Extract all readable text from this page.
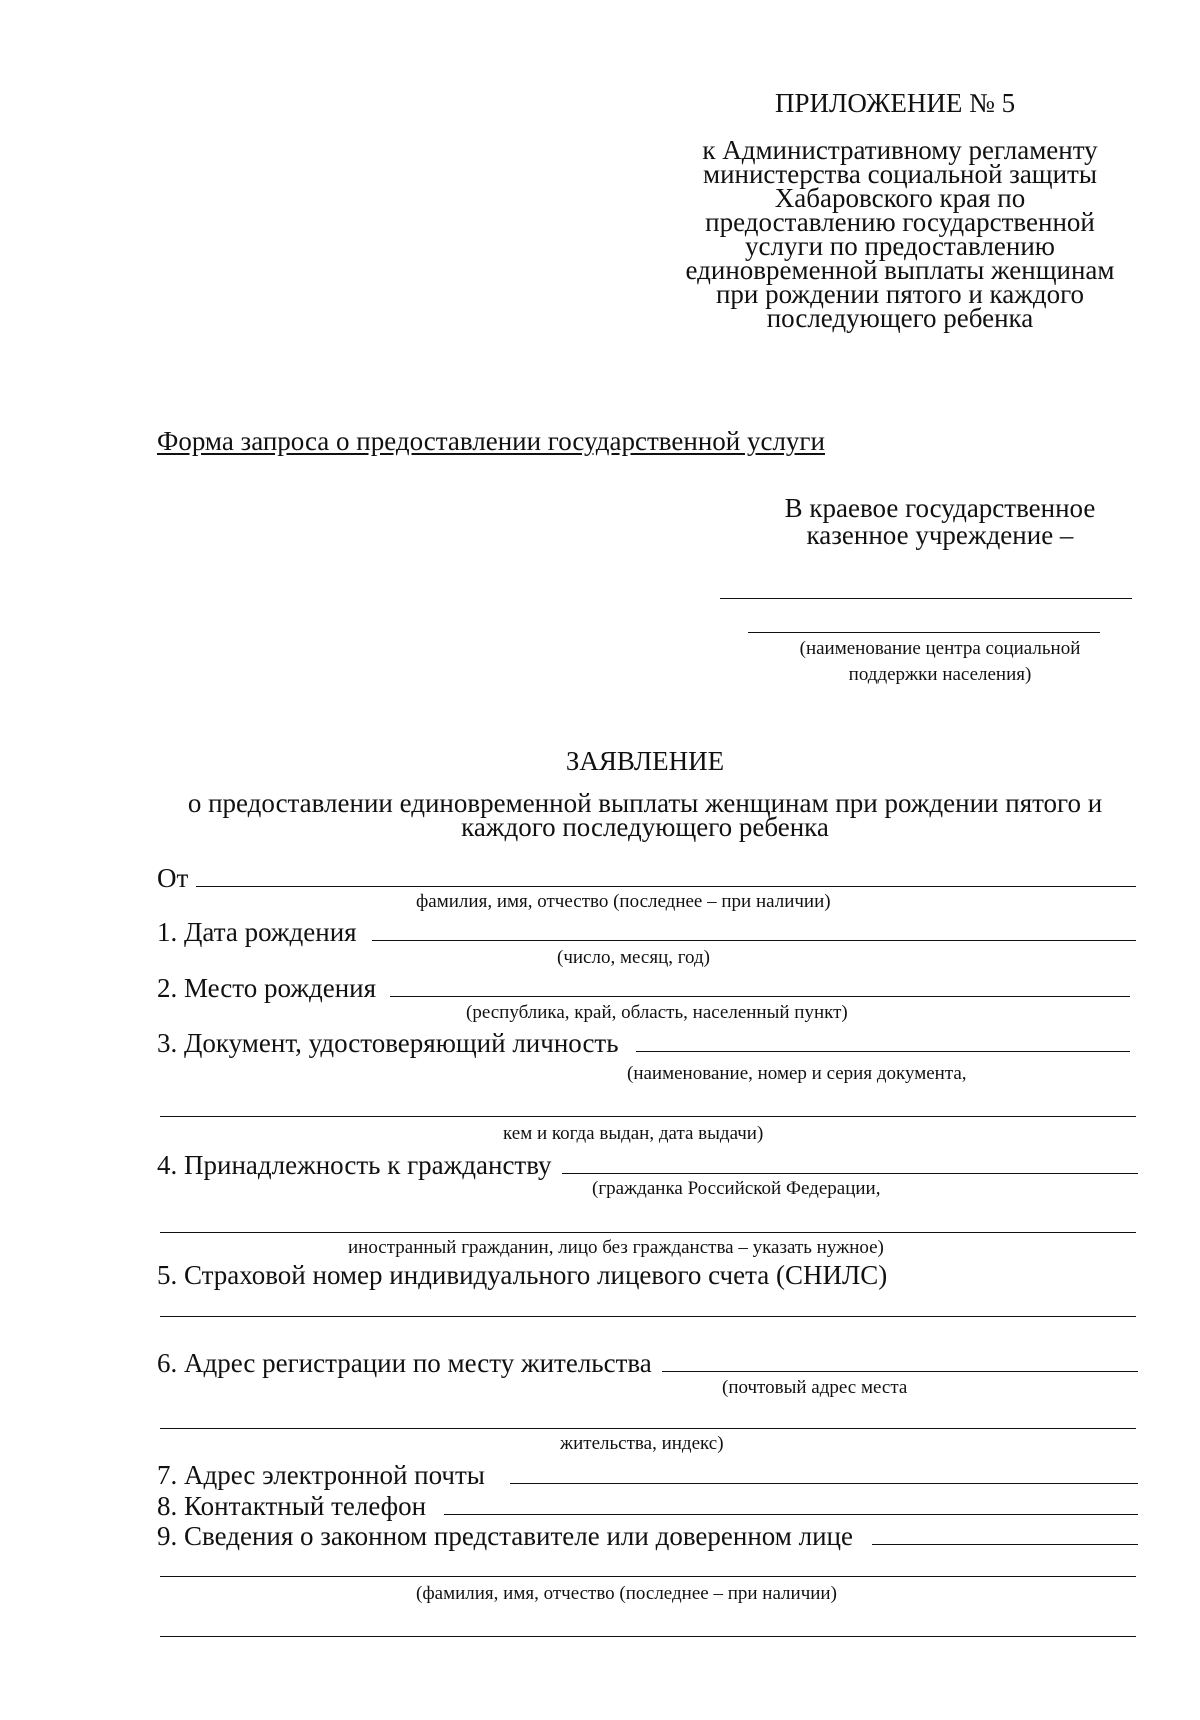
ПРИЛОЖЕНИЕ № 5
к Административному регламенту
министерства социальной защиты
Хабаровского края по
предоставлению государственной
услуги по предоставлению
единовременной выплаты женщинам
при рождении пятого и каждого
последующего ребенка
Форма запроса о предоставлении государственной услуги
В краевое государственное
казенное учреждение –
(наименование центра социальной
поддержки населения)
ЗАЯВЛЕНИЕ
о предоставлении единовременной выплаты женщинам при рождении пятого и
каждого последующего ребенка
От
фамилия, имя, отчество (последнее – при наличии)
1. Дата рождения
(число, месяц, год)
2. Место рождения
(республика, край, область, населенный пункт)
3. Документ, удостоверяющий личность
(наименование, номер и серия документа,
кем и когда выдан, дата выдачи)
4. Принадлежность к гражданству
(гражданка Российской Федерации,
иностранный гражданин, лицо без гражданства – указать нужное)
5. Страховой номер индивидуального лицевого счета (СНИЛС)
6. Адрес регистрации по месту жительства
(почтовый адрес места
жительства, индекс)
7. Адрес электронной почты
8. Контактный телефон
9. Сведения о законном представителе или доверенном лице
(фамилия, имя, отчество (последнее – при наличии)
